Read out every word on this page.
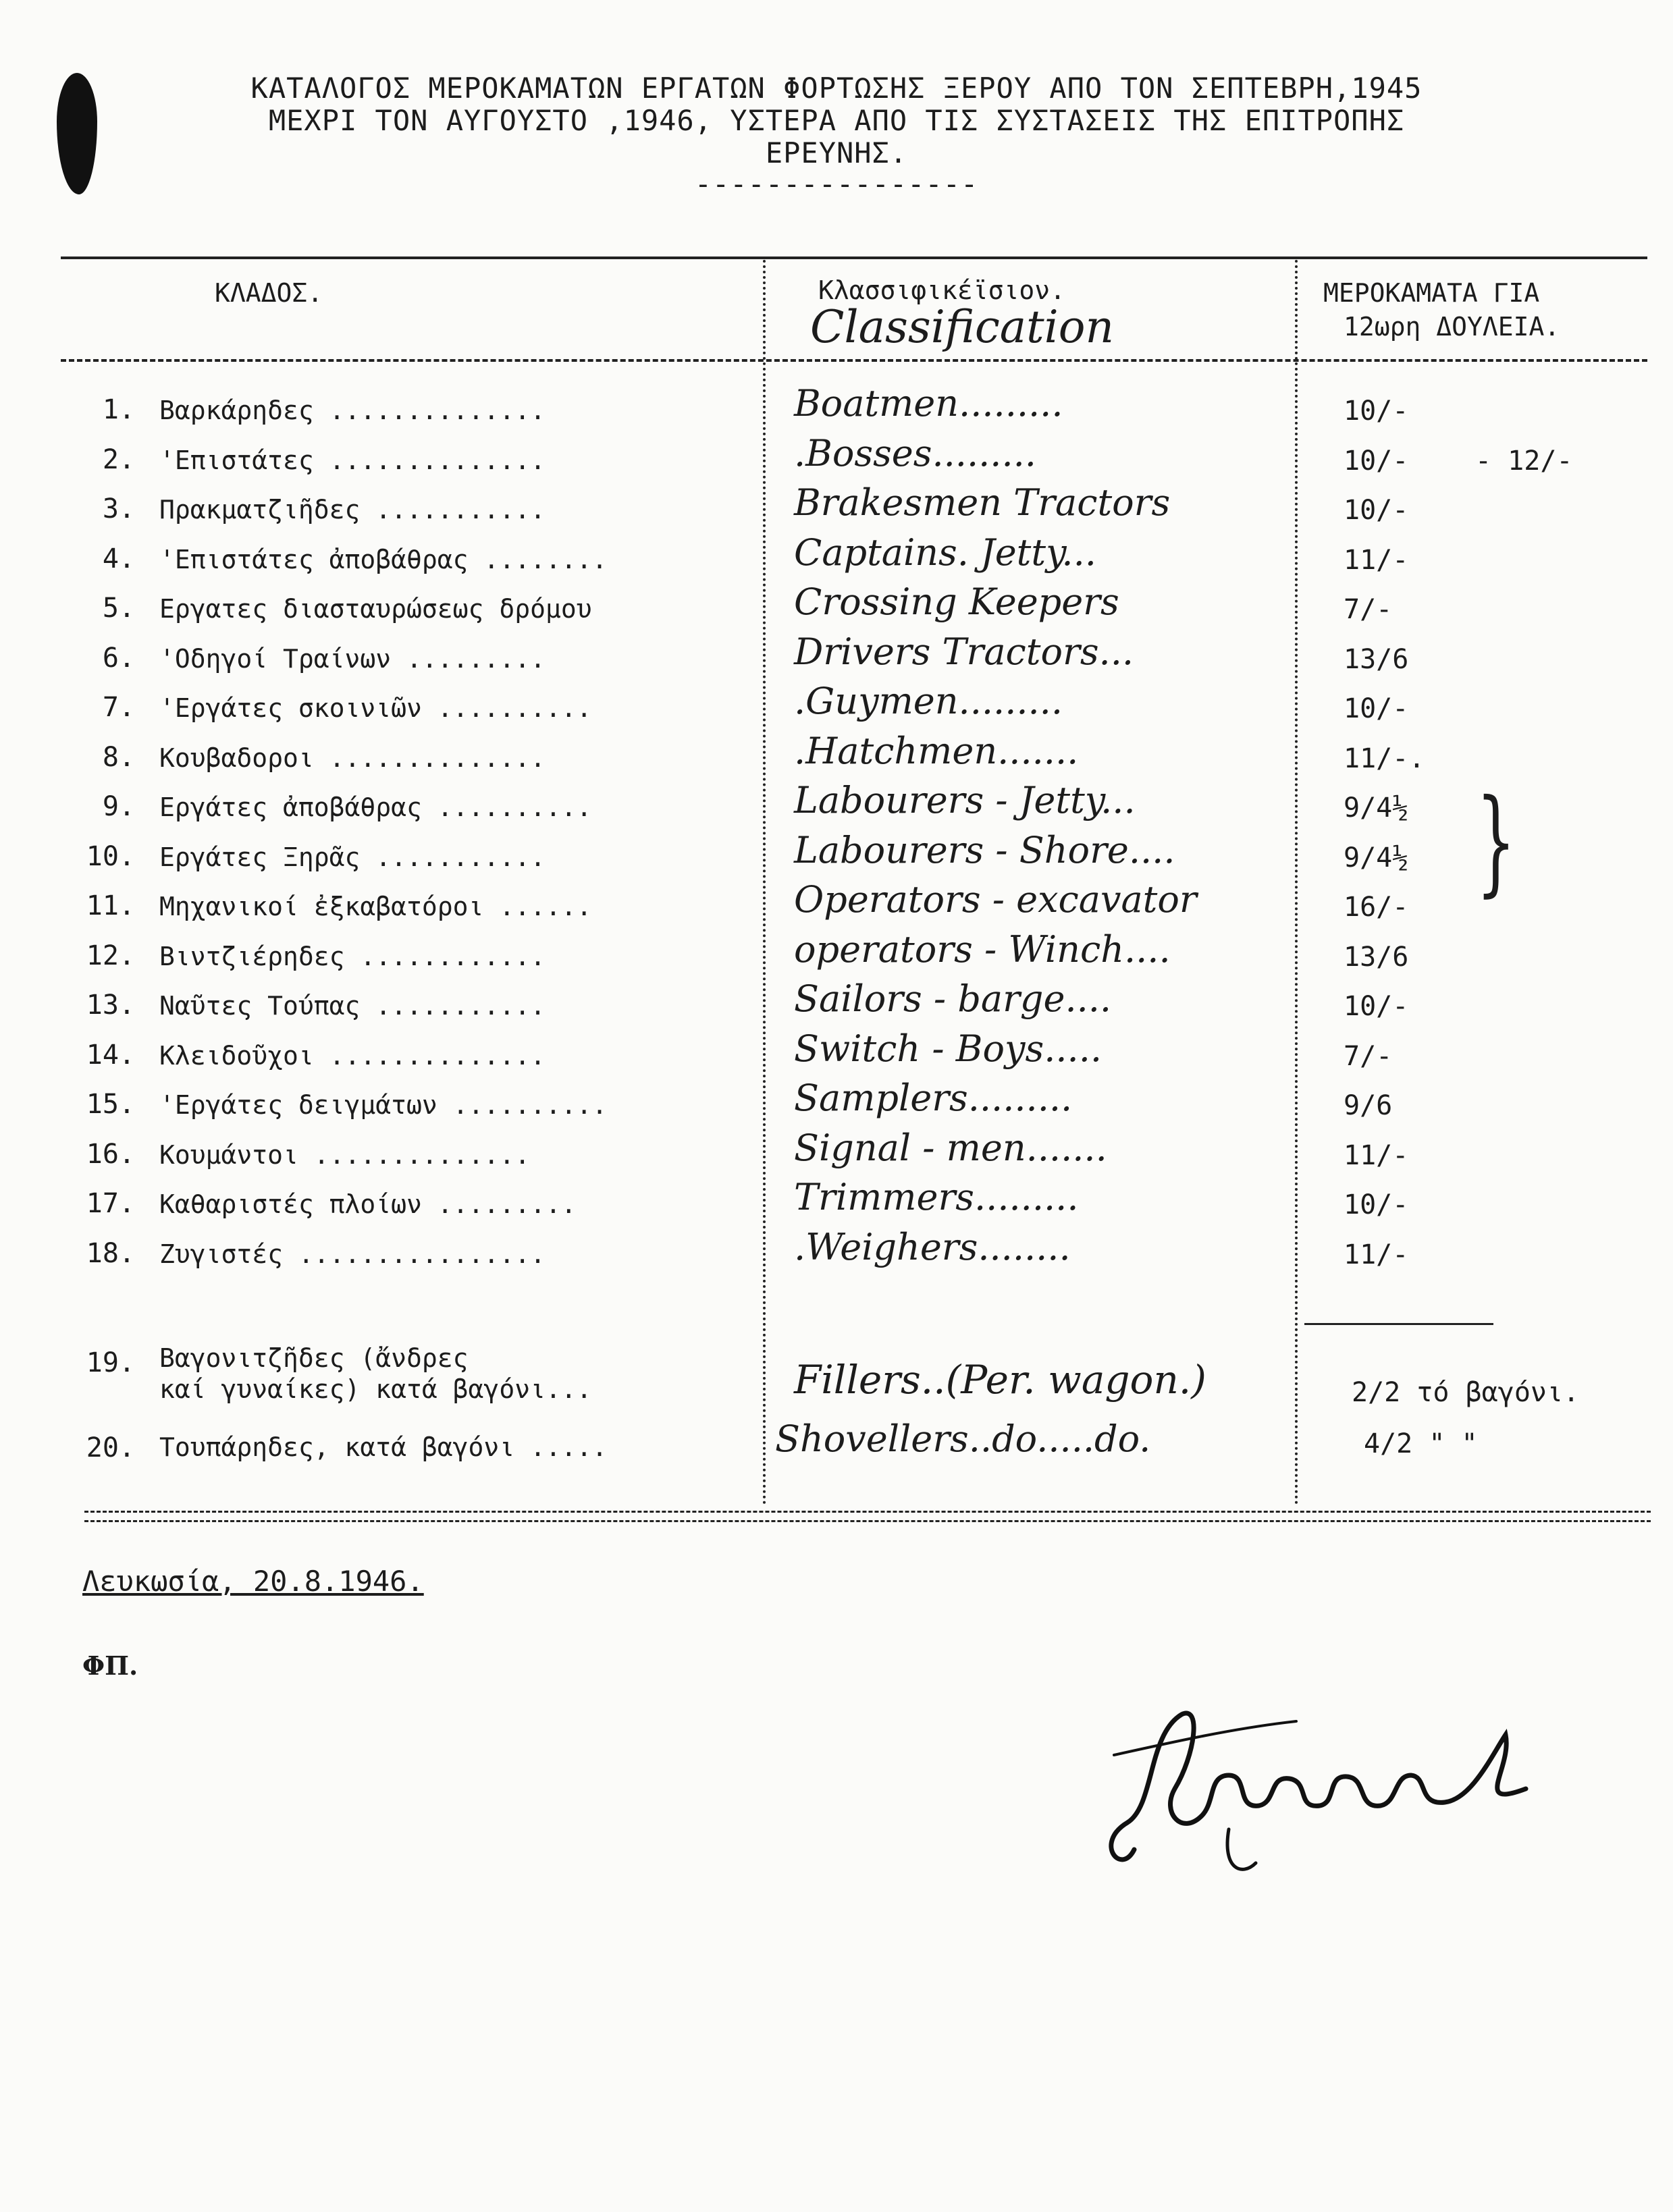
ΚΑΤΑΛΟΓΟΣ ΜΕΡΟΚΑΜΑΤΩΝ ΕΡΓΑΤΩΝ ΦΟΡΤΩΣΗΣ ΞΕΡΟΥ ΑΠΟ ΤΟΝ ΣΕΠΤΕΒΡΗ,1945
ΜΕΧΡΙ ΤΟΝ ΑΥΓΟΥΣΤΟ ,1946, ΥΣΤΕΡΑ ΑΠΟ ΤΙΣ ΣΥΣΤΑΣΕΙΣ ΤΗΣ ΕΠΙΤΡΟΠΗΣ
ΕΡΕΥΝΗΣ.
----------------
ΚΛΑΔΟΣ.	Κλασσιφικέϊσιον.
Classification
ΜΕΡΟΚΑΜΑΤΑ ΓΙΑ
12ωρη ΔΟΥΛΕΙΑ.
1. Βαρκάρηδες ..............	Boatmen.........	10/-
2. 'Επιστάτες ..............	.Bosses.........	10/- - 12/-
3. Πρακματζιῆδες ...........	Brakesmen Tractors	10/-
4. 'Επιστάτες ἀποβάθρας ........	Captains. Jetty...	11/-
5. Εργατες διασταυρώσεως δρόμου	Crossing Keepers	7/-
6. 'Οδηγοί Τραίνων .........	Drivers Tractors...	13/6
7. 'Εργάτες σκοινιῶν ..........	.Guymen.........	10/-
8. Κουβαδοροι ..............	.Hatchmen.......	11/-.
9. Εργάτες ἀποβάθρας ..........	Labourers - Jetty...	9/4½
10. Εργάτες Ξηρᾶς ...........	Labourers - Shore....	9/4½
11. Μηχανικοί ἐξκαβατόροι ......	Operators - excavator	16/-
12. Βιντζιέρηδες ............	operators - Winch....	13/6
13. Ναῦτες Τούπας ...........	Sailors - barge....	10/-
14. Κλειδοῦχοι ..............	Switch - Boys.....	7/-
15. 'Εργάτες δειγμάτων ..........	Samplers.........	9/6
16. Κουμάντοι ..............	Signal - men.......	11/-
17. Καθαριστές πλοίων .........	Trimmers.........	10/-
18. Ζυγιστές ................	.Weighers........	11/-
}
19. Βαγονιτζῆδες (ἄνδρες
καί γυναίκες) κατά βαγόνι...	Fillers..(Per. wagon.)	2/2 τό βαγόνι.
20. Τουπάρηδες, κατά βαγόνι .....	Shovellers..do.....do.	4/2 " "
Λευκωσία, 20.8.1946.
ΦΠ.
